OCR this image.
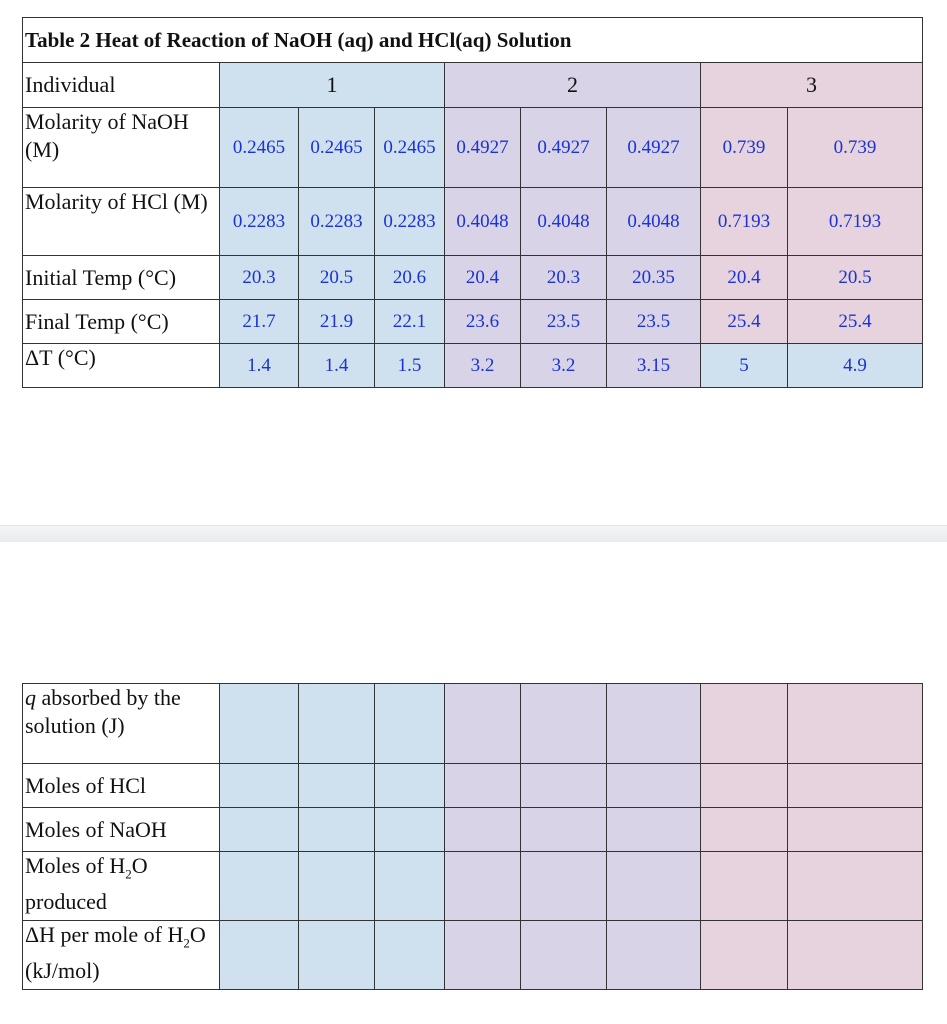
Table 2 Heat of Reaction of NaOH (aq) and HCl(aq) Solution								
Individual	1			2			3	
Molarity of NaOH (M)	0.2465	0.2465	0.2465	0.4927	0.4927	0.4927	0.739	0.739
Molarity of HCl (M)	0.2283	0.2283	0.2283	0.4048	0.4048	0.4048	0.7193	0.7193
Initial Temp (°C)	20.3	20.5	20.6	20.4	20.3	20.35	20.4	20.5
Final Temp (°C)	21.7	21.9	22.1	23.6	23.5	23.5	25.4	25.4
ΔT (°C)	1.4	1.4	1.5	3.2	3.2	3.15	5	4.9
q absorbed by the solution (J)								
Moles of HCl								
Moles of NaOH								
Moles of $H_2O$ produced								
ΔH per mole of $H_2O$ (kJ/mol)								
